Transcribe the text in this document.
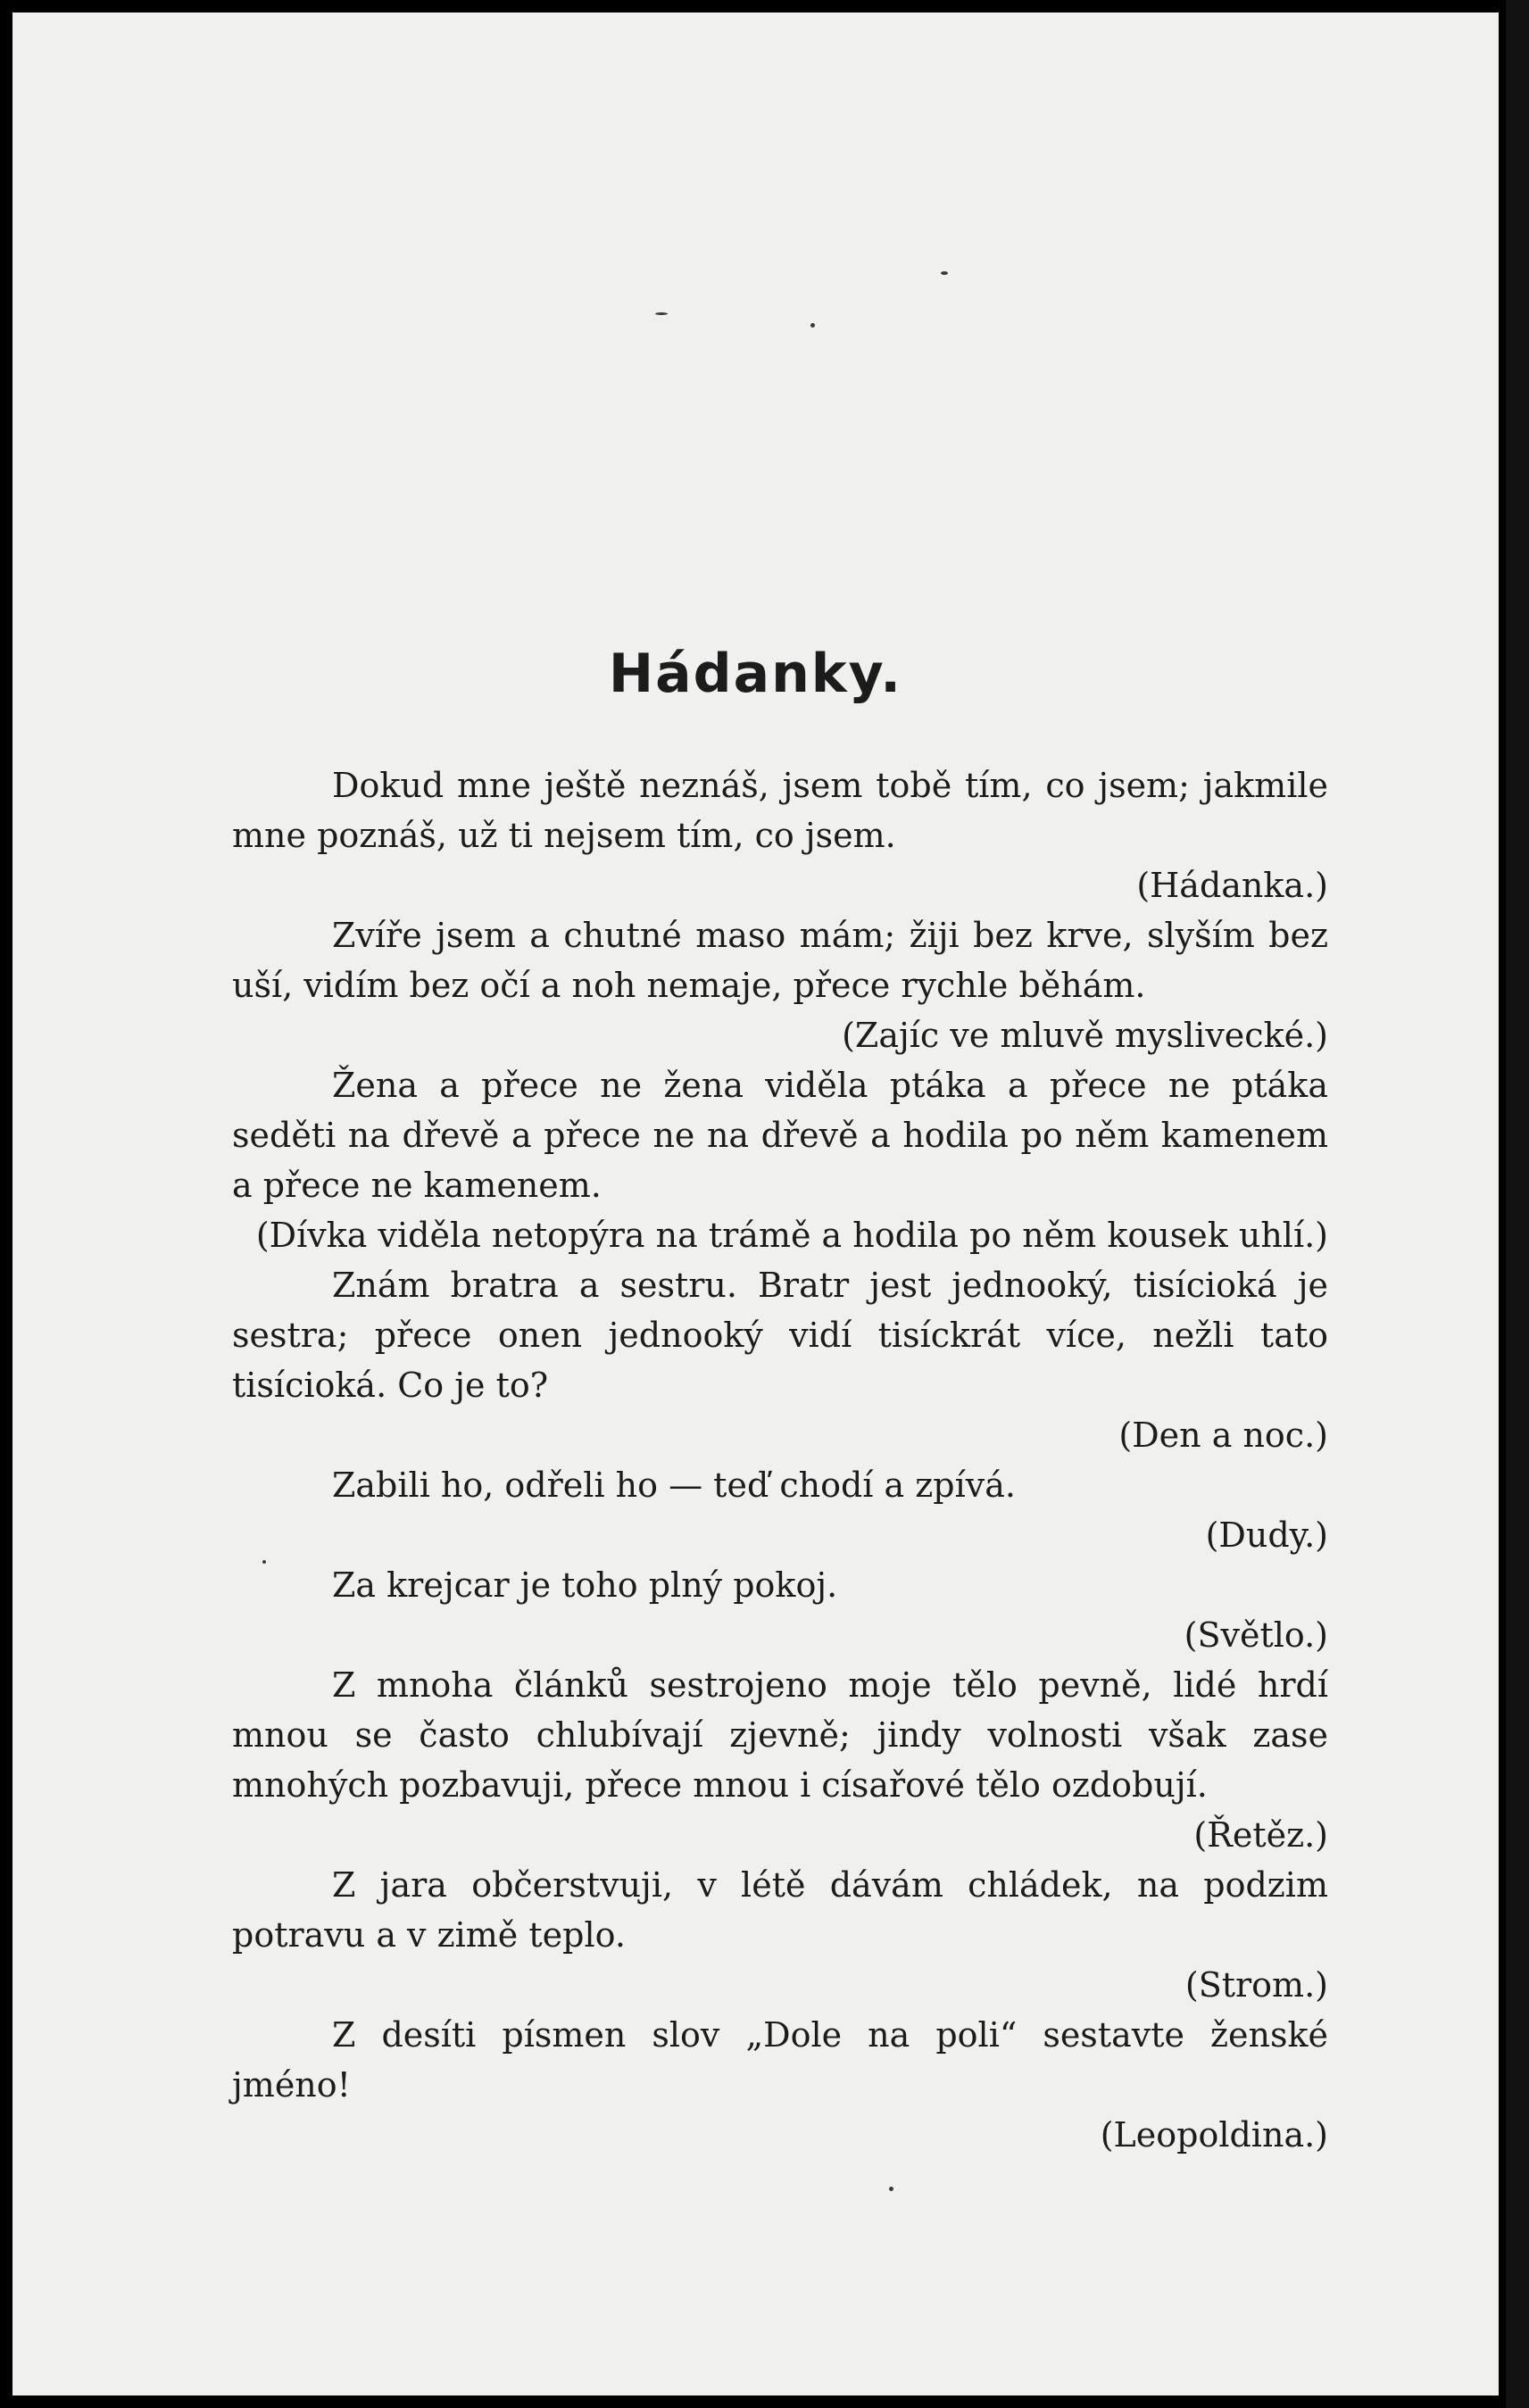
Hádanky.

Dokud mne ještě neznáš, jsem tobě tím, co jsem; jakmile mne poznáš, už ti nejsem tím, co jsem.
(Hádanka.)

Zvíře jsem a chutné maso mám; žiji bez krve, slyším bez uší, vidím bez očí a noh nemaje, přece rychle běhám.
(Zajíc ve mluvě myslivecké.)

Žena a přece ne žena viděla ptáka a přece ne ptáka seděti na dřevě a přece ne na dřevě a hodila po něm kamenem a přece ne kamenem.
(Dívka viděla netopýra na trámě a hodila po něm kousek uhlí.)

Znám bratra a sestru. Bratr jest jednooký, tisícioká je sestra; přece onen jednooký vidí tisíckrát více, nežli tato tisícioká. Co je to?
(Den a noc.)

Zabili ho, odřeli ho — teď chodí a zpívá.
(Dudy.)

Za krejcar je toho plný pokoj.
(Světlo.)

Z mnoha článků sestrojeno moje tělo pevně, lidé hrdí mnou se často chlubívají zjevně; jindy volnosti však zase mnohých pozbavuji, přece mnou i císařové tělo ozdobují.
(Řetěz.)

Z jara občerstvuji, v létě dávám chládek, na podzim potravu a v zimě teplo.
(Strom.)

Z desíti písmen slov „Dole na poli“ sestavte ženské jméno!
(Leopoldina.)
